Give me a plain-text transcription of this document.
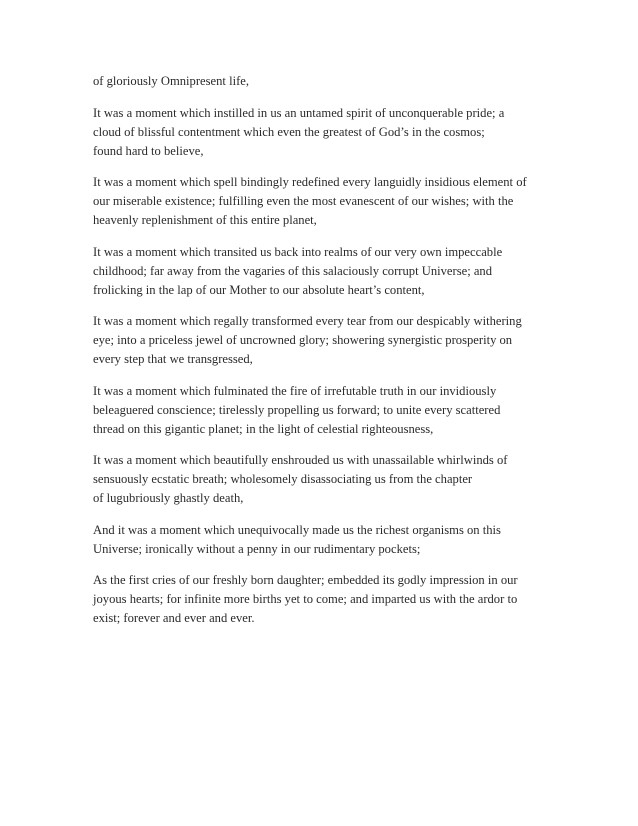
of gloriously Omnipresent life,

It was a moment which instilled in us an untamed spirit of unconquerable pride; a
cloud of blissful contentment which even the greatest of God’s in the cosmos;
found hard to believe,

It was a moment which spell bindingly redefined every languidly insidious element of
our miserable existence; fulfilling even the most evanescent of our wishes; with the
heavenly replenishment of this entire planet,

It was a moment which transited us back into realms of our very own impeccable
childhood; far away from the vagaries of this salaciously corrupt Universe; and
frolicking in the lap of our Mother to our absolute heart’s content,

It was a moment which regally transformed every tear from our despicably withering
eye; into a priceless jewel of uncrowned glory; showering synergistic prosperity on
every step that we transgressed,

It was a moment which fulminated the fire of irrefutable truth in our invidiously
beleaguered conscience; tirelessly propelling us forward; to unite every scattered
thread on this gigantic planet; in the light of celestial righteousness,

It was a moment which beautifully enshrouded us with unassailable whirlwinds of
sensuously ecstatic breath; wholesomely disassociating us from the chapter
of lugubriously ghastly death,

And it was a moment which unequivocally made us the richest organisms on this
Universe; ironically without a penny in our rudimentary pockets;

As the first cries of our freshly born daughter; embedded its godly impression in our
joyous hearts; for infinite more births yet to come; and imparted us with the ardor to
exist; forever and ever and ever.
